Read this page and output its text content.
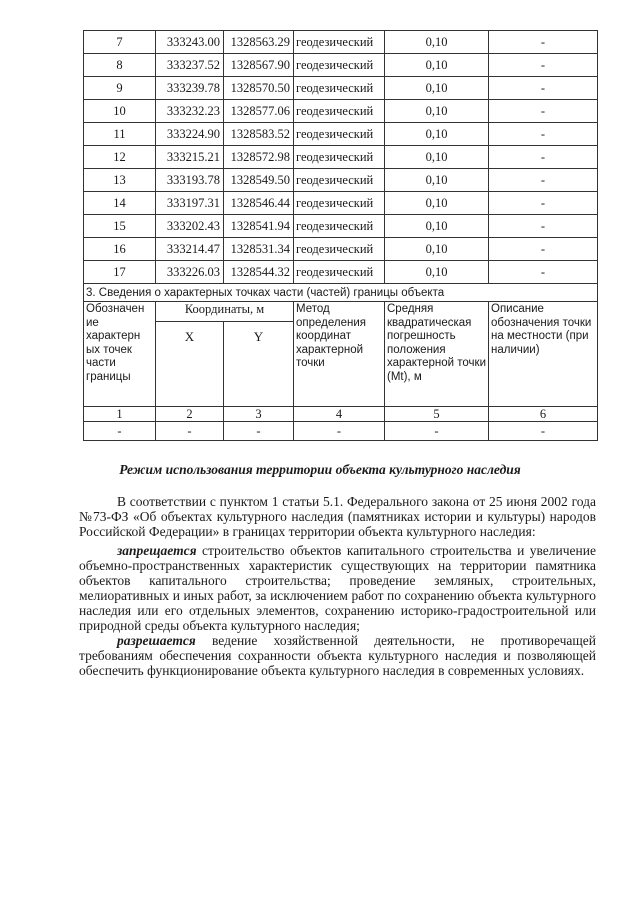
7	333243.00	1328563.29	геодезический	0,10	-
8	333237.52	1328567.90	геодезический	0,10	-
9	333239.78	1328570.50	геодезический	0,10	-
10	333232.23	1328577.06	геодезический	0,10	-
11	333224.90	1328583.52	геодезический	0,10	-
12	333215.21	1328572.98	геодезический	0,10	-
13	333193.78	1328549.50	геодезический	0,10	-
14	333197.31	1328546.44	геодезический	0,10	-
15	333202.43	1328541.94	геодезический	0,10	-
16	333214.47	1328531.34	геодезический	0,10	-
17	333226.03	1328544.32	геодезический	0,10	-
3. Сведения о характерных точках части (частей) границы объекта					
Обозначен ие характерн ых точек части границы	Координаты, м		Метод определения координат характерной точки	Средняя квадратическая погрешность положения характерной точки (Mt), м	Описание обозначения точки на местности (при наличии)
	X	Y			
1	2	3	4	5	6
-	-	-	-	-	-
Режим использования территории объекта культурного наследия

В соответствии с пунктом 1 статьи 5.1. Федерального закона от 25 июня 2002 года №73-ФЗ «Об объектах культурного наследия (памятниках истории и культуры) народов Российской Федерации» в границах территории объекта культурного наследия:

запрещается строительство объектов капитального строительства и увеличение объемно-пространственных характеристик существующих на территории памятника объектов капитального строительства; проведение земляных, строительных, мелиоративных и иных работ, за исключением работ по сохранению объекта культурного наследия или его отдельных элементов, сохранению историко-градостроительной или природной среды объекта культурного наследия;

разрешается ведение хозяйственной деятельности, не противоречащей требованиям обеспечения сохранности объекта культурного наследия и позволяющей обеспечить функционирование объекта культурного наследия в современных условиях.
